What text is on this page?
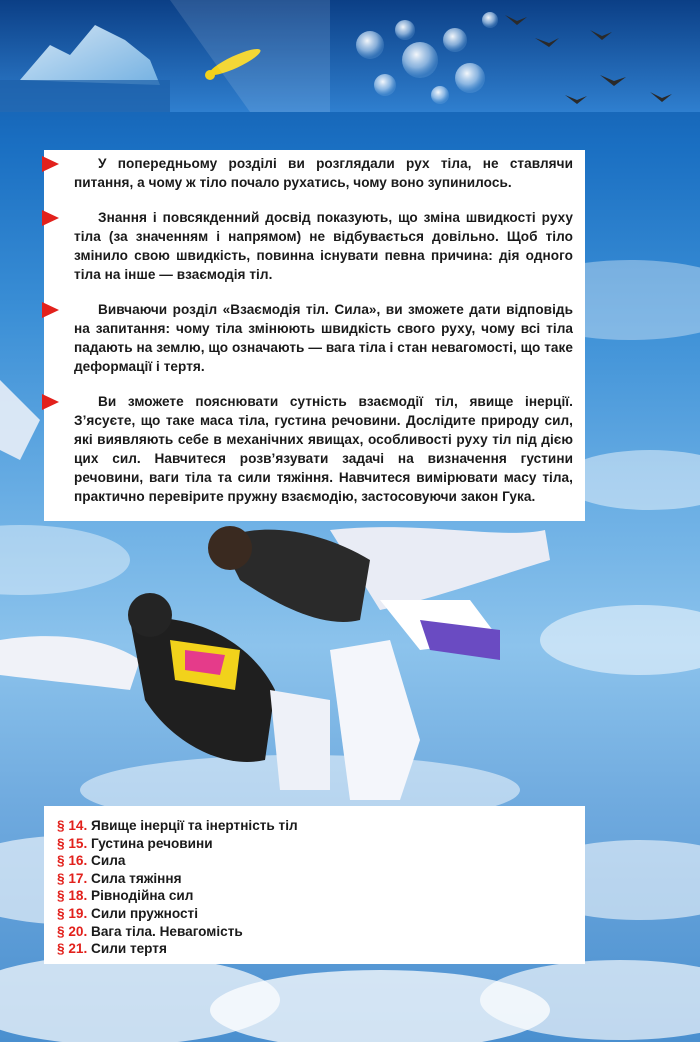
У попередньому розділі ви розглядали рух тіла, не ставлячи питання, а чому ж тіло почало рухатись, чому воно зупинилось.

Знання і повсякденний досвід показують, що зміна швидкості руху тіла (за значенням і напрямом) не відбувається довільно. Щоб тіло змінило свою швидкість, повинна існувати певна причина: дія одного тіла на інше — взаємодія тіл.

Вивчаючи розділ «Взаємодія тіл. Сила», ви зможете дати відповідь на запитання: чому тіла змінюють швидкість свого руху, чому всі тіла падають на землю, що означають — вага тіла і стан невагомості, що таке деформації і тертя.

Ви зможете пояснювати сутність взаємодії тіл, явище інерції. З’ясуєте, що таке маса тіла, густина речовини. Дослідите природу сил, які виявляють себе в механічних явищах, особливості руху тіл під дією цих сил. Навчитеся розв’язувати задачі на визначення густини речовини, ваги тіла та сили тяжіння. Навчитеся вимірювати масу тіла, практично перевірите пружну взаємодію, застосовуючи закон Гука.

§ 14. Явище інерції та інертність тіл
§ 15. Густина речовини
§ 16. Сила
§ 17. Сила тяжіння
§ 18. Рівнодійна сил
§ 19. Сили пружності
§ 20. Вага тіла. Невагомість
§ 21. Сили тертя
